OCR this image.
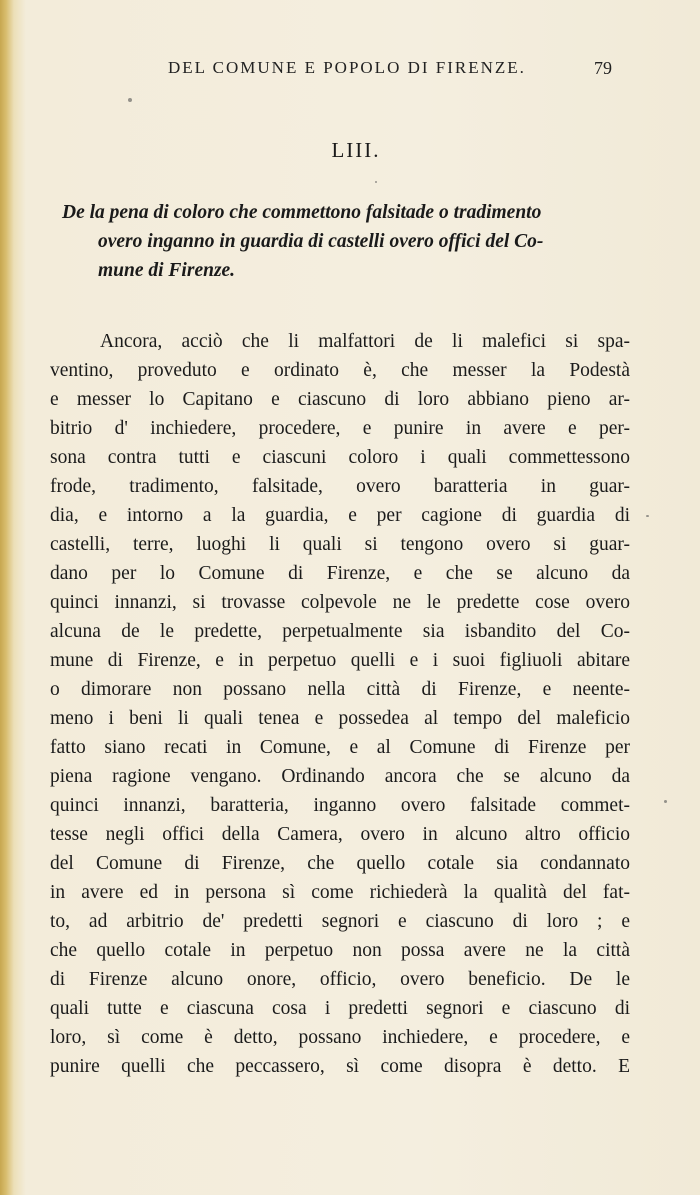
DEL COMUNE E POPOLO DI FIRENZE.	79
LIII.
De la pena di coloro che commettono falsitade o tradimento
overo inganno in guardia di castelli overo offici del Co-
mune di Firenze.
Ancora, acciò che li malfattori de li malefici si spa-
ventino, proveduto e ordinato è, che messer la Podestà
e messer lo Capitano e ciascuno di loro abbiano pieno ar-
bitrio d' inchiedere, procedere, e punire in avere e per-
sona contra tutti e ciascuni coloro i quali commettessono
frode, tradimento, falsitade, overo baratteria in guar-
dia, e intorno a la guardia, e per cagione di guardia di
castelli, terre, luoghi li quali si tengono overo si guar-
dano per lo Comune di Firenze, e che se alcuno da
quinci innanzi, si trovasse colpevole ne le predette cose overo
alcuna de le predette, perpetualmente sia isbandito del Co-
mune di Firenze, e in perpetuo quelli e i suoi figliuoli abitare
o dimorare non possano nella città di Firenze, e neente-
meno i beni li quali tenea e possedea al tempo del maleficio
fatto siano recati in Comune, e al Comune di Firenze per
piena ragione vengano. Ordinando ancora che se alcuno da
quinci innanzi, baratteria, inganno overo falsitade commet-
tesse negli offici della Camera, overo in alcuno altro officio
del Comune di Firenze, che quello cotale sia condannato
in avere ed in persona sì come richiederà la qualità del fat-
to, ad arbitrio de' predetti segnori e ciascuno di loro ; e
che quello cotale in perpetuo non possa avere ne la città
di Firenze alcuno onore, officio, overo beneficio. De le
quali tutte e ciascuna cosa i predetti segnori e ciascuno di
loro, sì come è detto, possano inchiedere, e procedere, e
punire quelli che peccassero, sì come disopra è detto. E
